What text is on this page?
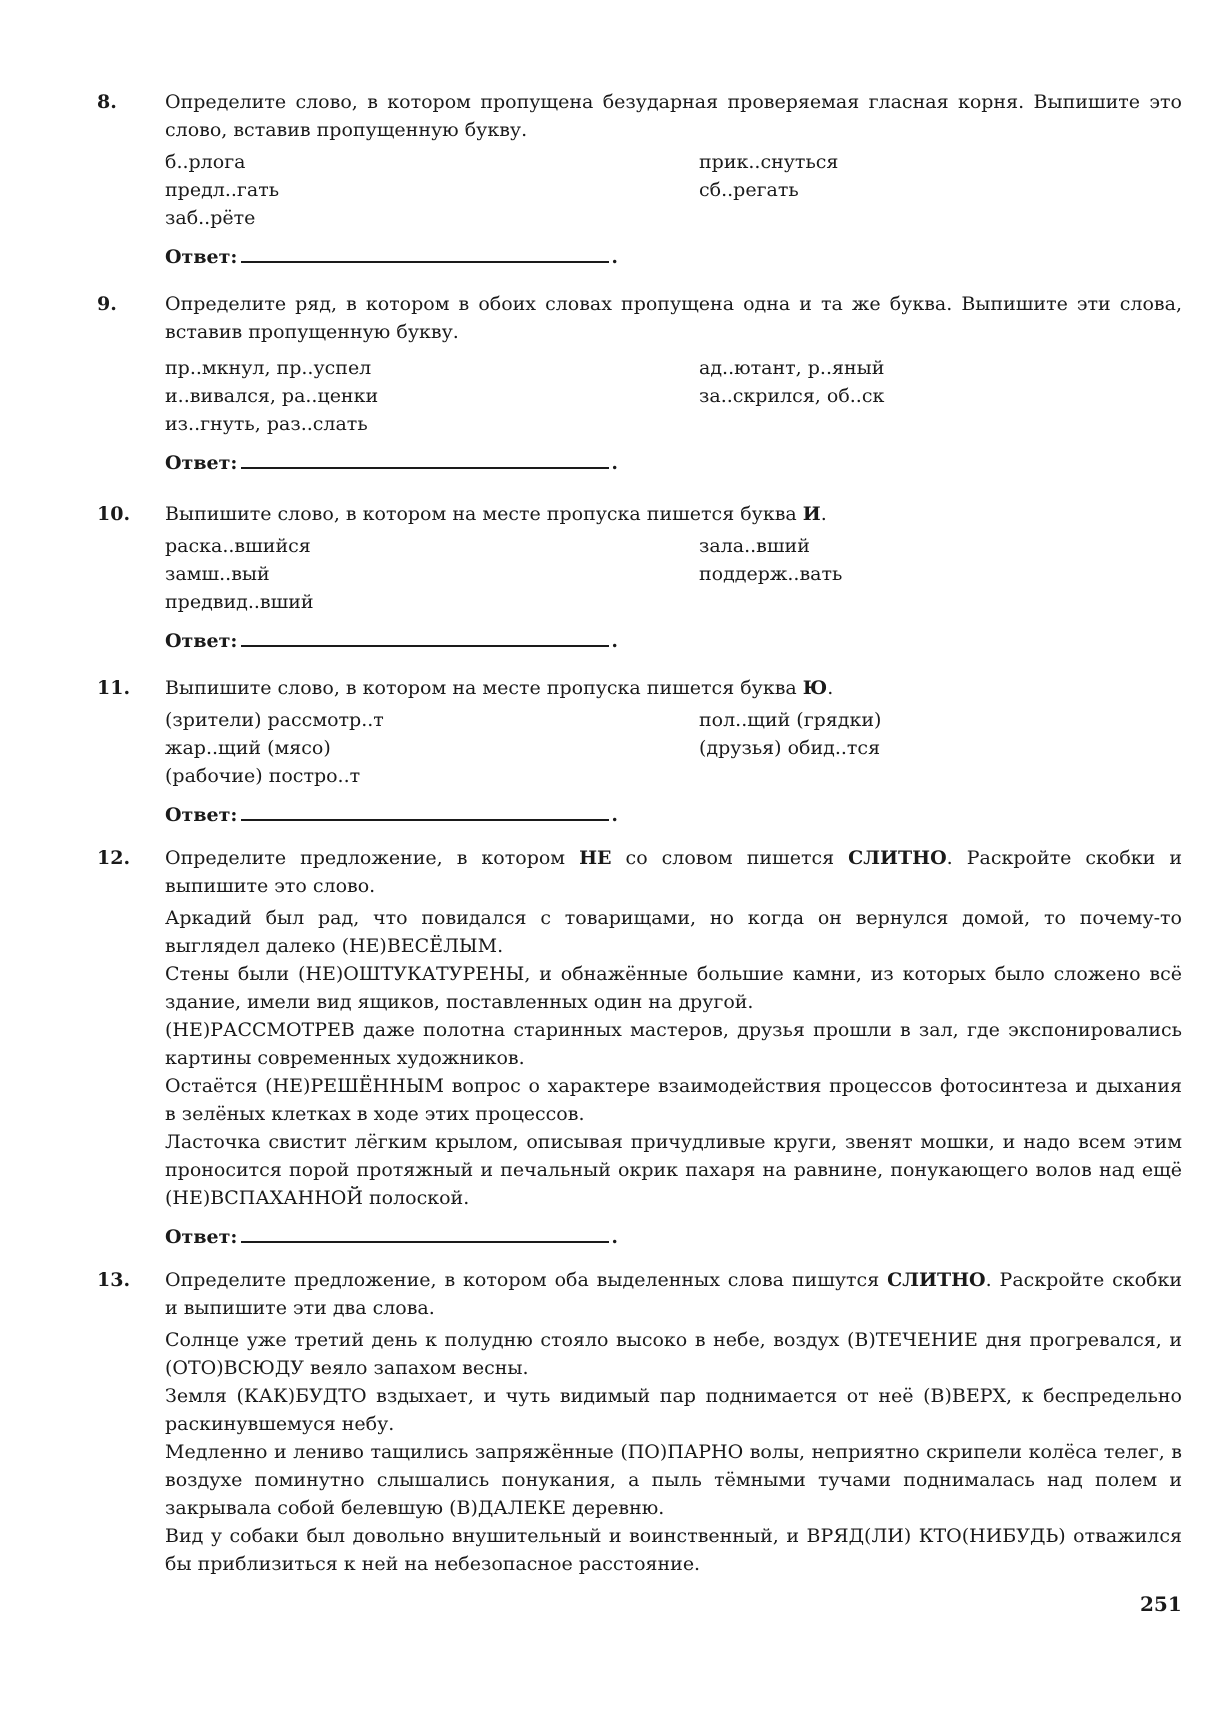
8.	Определите слово, в котором пропущена безударная проверяемая гласная корня. Выпишите это слово, вставив пропущенную букву.

б..рлога	прик..снуться
предл..гать	сб..регать
заб..рёте
Ответ:	.
9.	Определите ряд, в котором в обоих словах пропущена одна и та же буква. Выпишите эти слова, вставив пропущенную букву.

пр..мкнул, пр..успел	ад..ютант, р..яный
и..вивался, ра..ценки	за..скрился, об..ск
из..гнуть, раз..слать
Ответ:	.
10. Выпишите слово, в котором на месте пропуска пишется буква И.

раска..вшийся	зала..вший
замш..вый	поддерж..вать
предвид..вший
Ответ:	.
11. Выпишите слово, в котором на месте пропуска пишется буква Ю.

(зрители) рассмотр..т	пол..щий (грядки)
жар..щий (мясо)	(друзья) обид..тся
(рабочие) постро..т
Ответ:	.
12. Определите предложение, в котором НЕ со словом пишется СЛИТНО. Раскройте скобки и выпишите это слово.

Аркадий был рад, что повидался с товарищами, но когда он вернулся домой, то почему-то выглядел далеко (НЕ)ВЕСЁЛЫМ.

Стены были (НЕ)ОШТУКАТУРЕНЫ, и обнажённые большие камни, из которых было сложено всё здание, имели вид ящиков, поставленных один на другой.

(НЕ)РАССМОТРЕВ даже полотна старинных мастеров, друзья прошли в зал, где экспонировались картины современных художников.

Остаётся (НЕ)РЕШЁННЫМ вопрос о характере взаимодействия процессов фотосинтеза и дыхания в зелёных клетках в ходе этих процессов.

Ласточка свистит лёгким крылом, описывая причудливые круги, звенят мошки, и надо всем этим проносится порой протяжный и печальный окрик пахаря на равнине, понукающего волов над ещё (НЕ)ВСПАХАННОЙ полоской.

Ответ:	.
13. Определите предложение, в котором оба выделенных слова пишутся СЛИТНО. Раскройте скобки и выпишите эти два слова.

Солнце уже третий день к полудню стояло высоко в небе, воздух (В)ТЕЧЕНИЕ дня прогревался, и (ОТО)ВСЮДУ веяло запахом весны.

Земля (КАК)БУДТО вздыхает, и чуть видимый пар поднимается от неё (В)ВЕРХ, к беспредельно раскинувшемуся небу.

Медленно и лениво тащились запряжённые (ПО)ПАРНО волы, неприятно скрипели колёса телег, в воздухе поминутно слышались понукания, а пыль тёмными тучами поднималась над полем и закрывала собой белевшую (В)ДАЛЕКЕ деревню.

Вид у собаки был довольно внушительный и воинственный, и ВРЯД(ЛИ) КТО(НИБУДЬ) отважился бы приблизиться к ней на небезопасное расстояние.

251
